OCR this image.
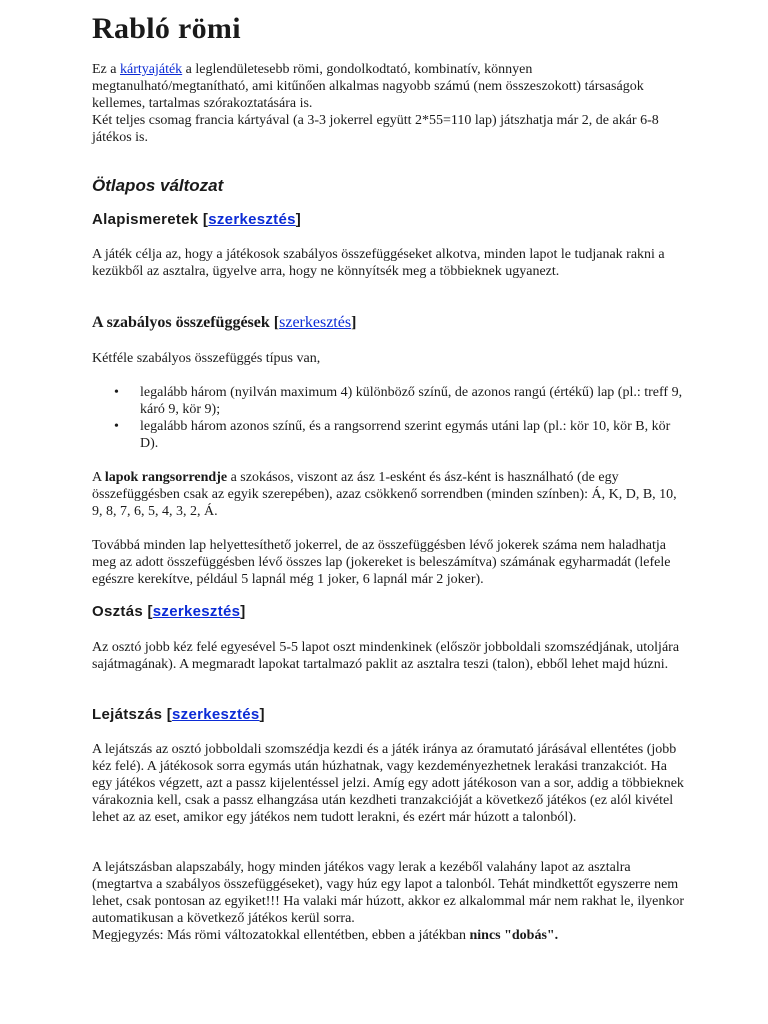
Rabló römi

Ez a kártyajáték a leglendületesebb römi, gondolkodtató, kombinatív, könnyen megtanulható/megtanítható, ami kitűnően alkalmas nagyobb számú (nem összeszokott) társaságok kellemes, tartalmas szórakoztatására is.

Két teljes csomag francia kártyával (a 3-3 jokerrel együtt 2*55=110 lap) játszhatja már 2, de akár 6-8 játékos is.

Ötlapos változat
Alapismeretek [szerkesztés]

A játék célja az, hogy a játékosok szabályos összefüggéseket alkotva, minden lapot le tudjanak rakni a kezükből az asztalra, ügyelve arra, hogy ne könnyítsék meg a többieknek ugyanezt.

A szabályos összefüggések [szerkesztés]

Kétféle szabályos összefüggés típus van,

• legalább három (nyilván maximum 4) különböző színű, de azonos rangú (értékű) lap (pl.: treff 9, káró 9, kör 9);
• legalább három azonos színű, és a rangsorrend szerint egymás utáni lap (pl.: kör 10, kör B, kör D).

A lapok rangsorrendje a szokásos, viszont az ász 1-esként és ász-ként is használható (de egy összefüggésben csak az egyik szerepében), azaz csökkenő sorrendben (minden színben): Á, K, D, B, 10, 9, 8, 7, 6, 5, 4, 3, 2, Á.

Továbbá minden lap helyettesíthető jokerrel, de az összefüggésben lévő jokerek száma nem haladhatja meg az adott összefüggésben lévő összes lap (jokereket is beleszámítva) számának egyharmadát (lefele egészre kerekítve, például 5 lapnál még 1 joker, 6 lapnál már 2 joker).

Osztás [szerkesztés]

Az osztó jobb kéz felé egyesével 5-5 lapot oszt mindenkinek (először jobboldali szomszédjának, utoljára sajátmagának). A megmaradt lapokat tartalmazó paklit az asztalra teszi (talon), ebből lehet majd húzni.

Lejátszás [szerkesztés]

A lejátszás az osztó jobboldali szomszédja kezdi és a játék iránya az óramutató járásával ellentétes (jobb kéz felé). A játékosok sorra egymás után húzhatnak, vagy kezdeményezhetnek lerakási tranzakciót. Ha egy játékos végzett, azt a passz kijelentéssel jelzi. Amíg egy adott játékoson van a sor, addig a többieknek várakoznia kell, csak a passz elhangzása után kezdheti tranzakcióját a következő játékos (ez alól kivétel lehet az az eset, amikor egy játékos nem tudott lerakni, és ezért már húzott a talonból).

A lejátszásban alapszabály, hogy minden játékos vagy lerak a kezéből valahány lapot az asztalra (megtartva a szabályos összefüggéseket), vagy húz egy lapot a talonból. Tehát mindkettőt egyszerre nem lehet, csak pontosan az egyiket!!! Ha valaki már húzott, akkor ez alkalommal már nem rakhat le, ilyenkor automatikusan a következő játékos kerül sorra.
Megjegyzés: Más römi változatokkal ellentétben, ebben a játékban nincs "dobás".
